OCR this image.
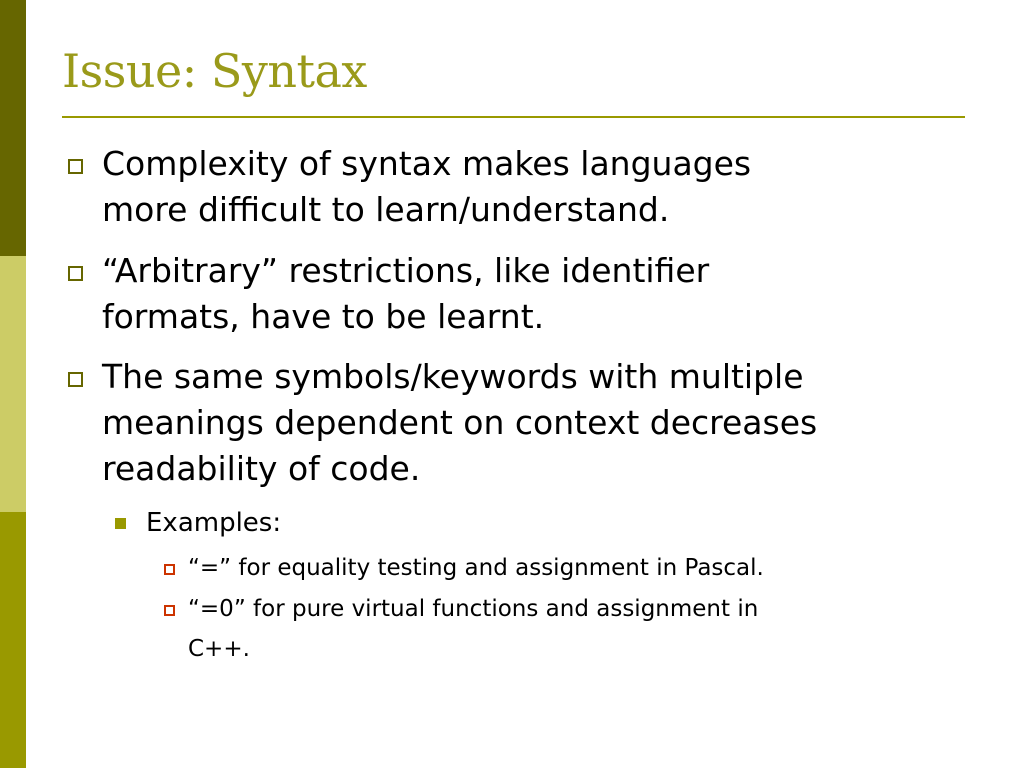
Issue: Syntax
Complexity of syntax makes languages
more difficult to learn/understand.
“Arbitrary” restrictions, like identifier
formats, have to be learnt.
The same symbols/keywords with multiple
meanings dependent on context decreases
readability of code.
Examples:
“=” for equality testing and assignment in Pascal.
“=0” for pure virtual functions and assignment in
C++.
